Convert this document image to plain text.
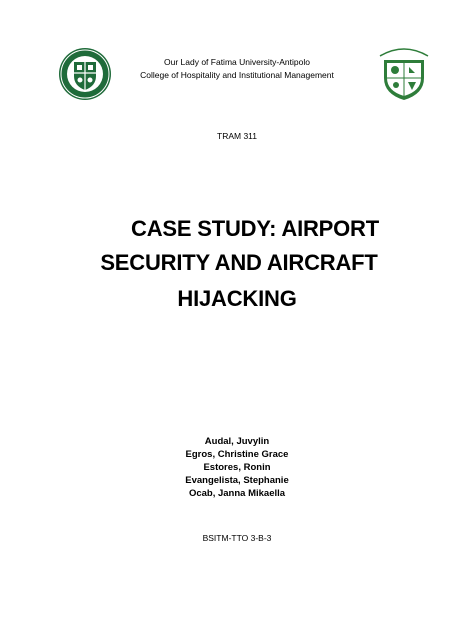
1967
Our Lady of Fatima University-Antipolo
College of Hospitality and Institutional Management
TRAM 311
CASE STUDY: AIRPORT
SECURITY AND AIRCRAFT
HIJACKING
Audal, Juvylin
Egros, Christine Grace
Estores, Ronin
Evangelista, Stephanie
Ocab, Janna Mikaella
BSITM-TTO 3-B-3
